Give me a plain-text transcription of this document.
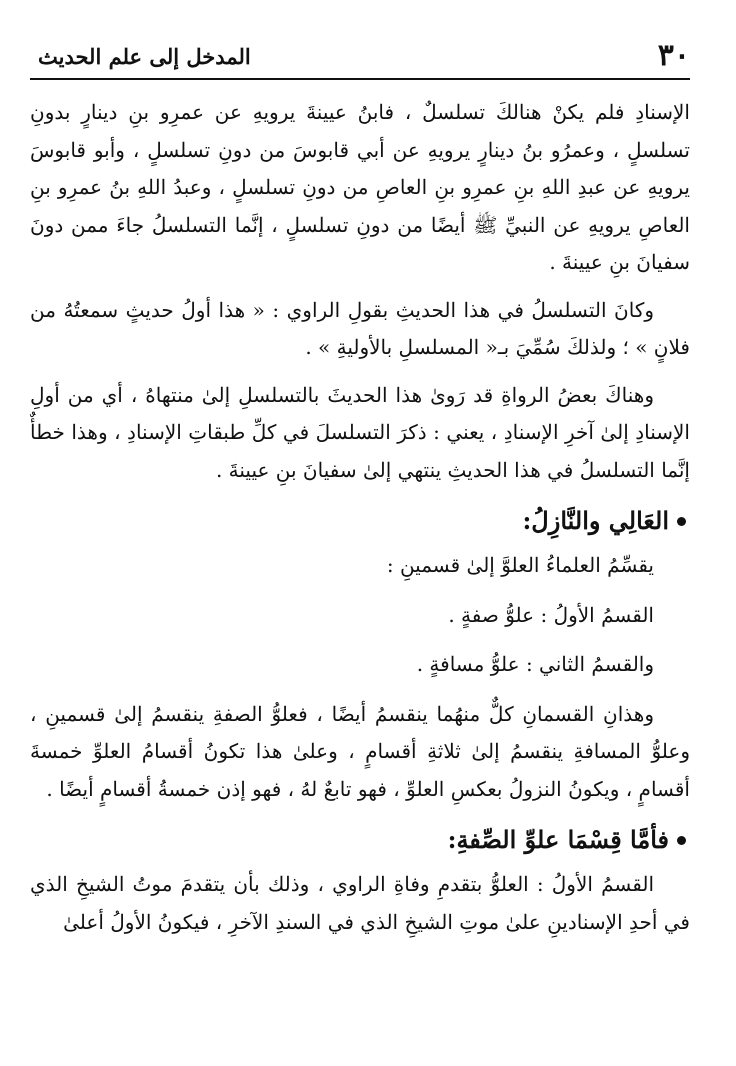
٣٠
المدخل إلى علم الحديث

الإسنادِ فلم يكنْ هنالكَ تسلسلٌ ، فابنُ عيينةَ يرويهِ عن عمرِو بنِ دينارٍ بدونِ تسلسلٍ ، وعمرُو بنُ دينارٍ يرويهِ عن أبي قابوسَ من دونِ تسلسلٍ ، وأبو قابوسَ يرويهِ عن عبدِ اللهِ بنِ عمرِو بنِ العاصِ من دونِ تسلسلٍ ، وعبدُ اللهِ بنُ عمرِو بنِ العاصِ يرويهِ عن النبيِّ ﷺ أيضًا من دونِ تسلسلٍ ، إنَّما التسلسلُ جاءَ ممن دونَ سفيانَ بنِ عيينةَ .

وكانَ التسلسلُ في هذا الحديثِ بقولِ الراوي : « هذا أولُ حديثٍ سمعتُهُ من فلانٍ » ؛ ولذلكَ سُمِّيَ بـ« المسلسلِ بالأوليةِ » .

وهناكَ بعضُ الرواةِ قد رَوىٰ هذا الحديثَ بالتسلسلِ إلىٰ منتهاهُ ، أي من أولِ الإسنادِ إلىٰ آخرِ الإسنادِ ، يعني : ذكرَ التسلسلَ في كلِّ طبقاتِ الإسنادِ ، وهذا خطأٌ إنَّما التسلسلُ في هذا الحديثِ ينتهي إلىٰ سفيانَ بنِ عيينةَ .

العَالِي والنَّازِلُ:
يقسِّمُ العلماءُ العلوَّ إلىٰ قسمينِ :
القسمُ الأولُ : علوُّ صفةٍ .
والقسمُ الثاني : علوُّ مسافةٍ .

وهذانِ القسمانِ كلٌّ منهُما ينقسمُ أيضًا ، فعلوُّ الصفةِ ينقسمُ إلىٰ قسمينِ ، وعلوُّ المسافةِ ينقسمُ إلىٰ ثلاثةِ أقسامٍ ، وعلىٰ هذا تكونُ أقسامُ العلوِّ خمسةَ أقسامٍ ، ويكونُ النزولُ بعكسِ العلوِّ ، فهو تابعٌ لهُ ، فهو إذن خمسةُ أقسامٍ أيضًا .

فأمَّا قِسْمَا علوِّ الصِّفةِ:

القسمُ الأولُ : العلوُّ بتقدمِ وفاةِ الراوي ، وذلك بأن يتقدمَ موتُ الشيخِ الذي في أحدِ الإسنادينِ علىٰ موتِ الشيخِ الذي في السندِ الآخرِ ، فيكونُ الأولُ أعلىٰ
